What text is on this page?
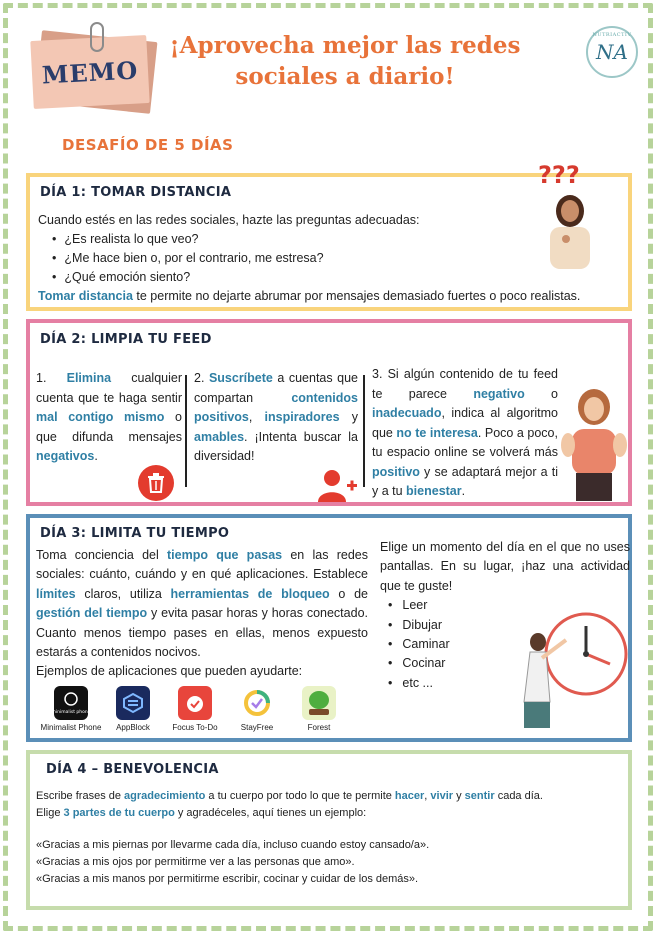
MEMO
¡Aprovecha mejor las redes
sociales a diario!
NUTRIACTIV
NA
DESAFÍO DE 5 DÍAS
DÍA 1: TOMAR DISTANCIA
Cuando estés en las redes sociales, hazte las preguntas adecuadas:
• ¿Es realista lo que veo?
• ¿Me hace bien o, por el contrario, me estresa?
• ¿Qué emoción siento?
Tomar distancia te permite no dejarte abrumar por mensajes demasiado fuertes o poco realistas.
???
DÍA 2: LIMPIA TU FEED
1. Elimina cualquier cuenta que te haga sentir mal contigo mismo o que difunda mensajes negativos.
2. Suscríbete a cuentas que compartan contenidos positivos, inspiradores y amables. ¡Intenta buscar la diversidad!
3. Si algún contenido de tu feed te parece negativo o inadecuado, indica al algoritmo que no te interesa. Poco a poco, tu espacio online se volverá más positivo y se adaptará mejor a ti y a tu bienestar.
DÍA 3: LIMITA TU TIEMPO
Toma conciencia del tiempo que pasas en las redes sociales: cuánto, cuándo y en qué aplicaciones. Establece límites claros, utiliza herramientas de bloqueo o de gestión del tiempo y evita pasar horas y horas conectado. Cuanto menos tiempo pases en ellas, menos expuesto estarás a contenidos nocivos.
Ejemplos de aplicaciones que pueden ayudarte:
minimalist phone
Minimalist Phone AppBlock	Focus To-Do	StayFree	Forest
Elige un momento del día en el que no uses pantallas. En su lugar, ¡haz una actividad que te guste!
• Leer
• Dibujar
• Caminar
• Cocinar
• etc ...
DÍA 4 – BENEVOLENCIA

Escribe frases de agradecimiento a tu cuerpo por todo lo que te permite hacer, vivir y sentir cada día.

Elige 3 partes de tu cuerpo y agradéceles, aquí tienes un ejemplo:

«Gracias a mis piernas por llevarme cada día, incluso cuando estoy cansado/a».

«Gracias a mis ojos por permitirme ver a las personas que amo».

«Gracias a mis manos por permitirme escribir, cocinar y cuidar de los demás».
